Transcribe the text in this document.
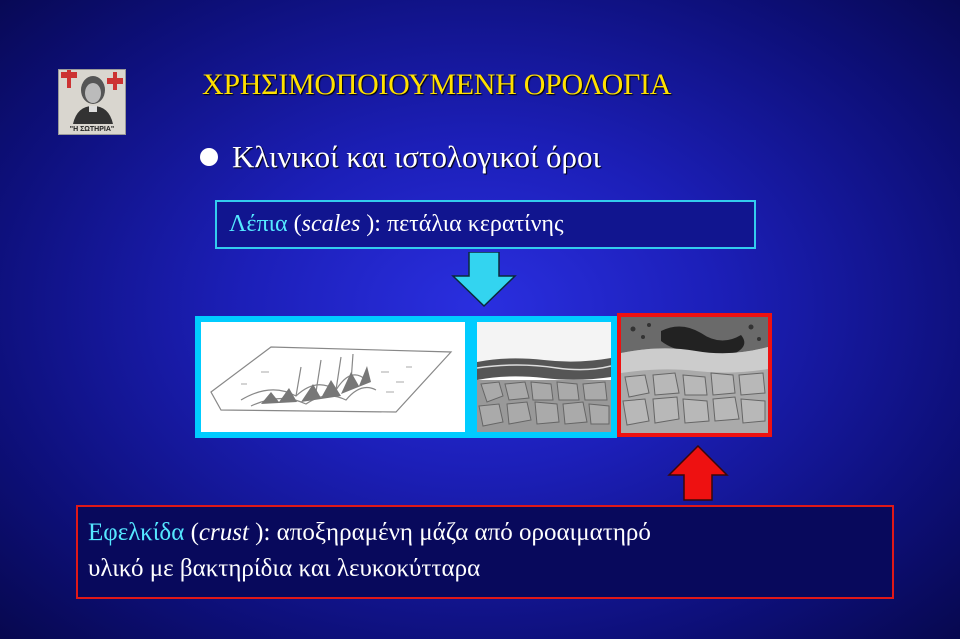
"Η ΣΩΤΗΡΙΑ"
ΧΡΗΣΙΜΟΠΟΙΟΥΜΕΝΗ ΟΡΟΛΟΓΙΑ
Κλινικοί και ιστολογικοί όροι
Λέπια ( scales ): πετάλια κερατίνης
Εφελκίδα (crust ): αποξηραμένη μάζα από οροαιματηρό
υλικό με βακτηρίδια και λευκοκύτταρα
